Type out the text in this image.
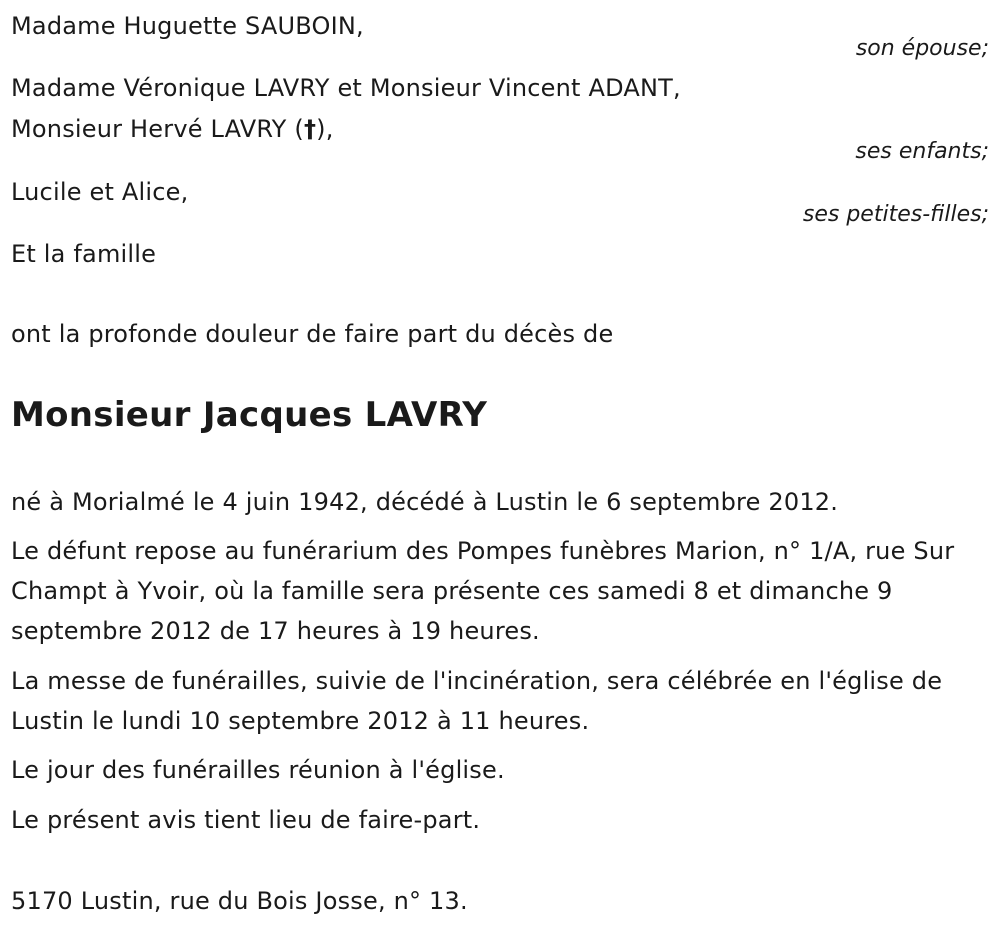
Madame Huguette SAUBOIN,
son épouse;
Madame Véronique LAVRY et Monsieur Vincent ADANT,
Monsieur Hervé LAVRY (†),
ses enfants;
Lucile et Alice,
ses petites-filles;
Et la famille
ont la profonde douleur de faire part du décès de
Monsieur Jacques LAVRY
né à Morialmé le 4 juin 1942, décédé à Lustin le 6 septembre 2012.
Le défunt repose au funérarium des Pompes funèbres Marion, n° 1/A, rue Sur Champt à Yvoir, où la famille sera présente ces samedi 8 et dimanche 9 septembre 2012 de 17 heures à 19 heures.
La messe de funérailles, suivie de l'incinération, sera célébrée en l'église de Lustin le lundi 10 septembre 2012 à 11 heures.
Le jour des funérailles réunion à l'église.
Le présent avis tient lieu de faire-part.
5170 Lustin, rue du Bois Josse, n° 13.
